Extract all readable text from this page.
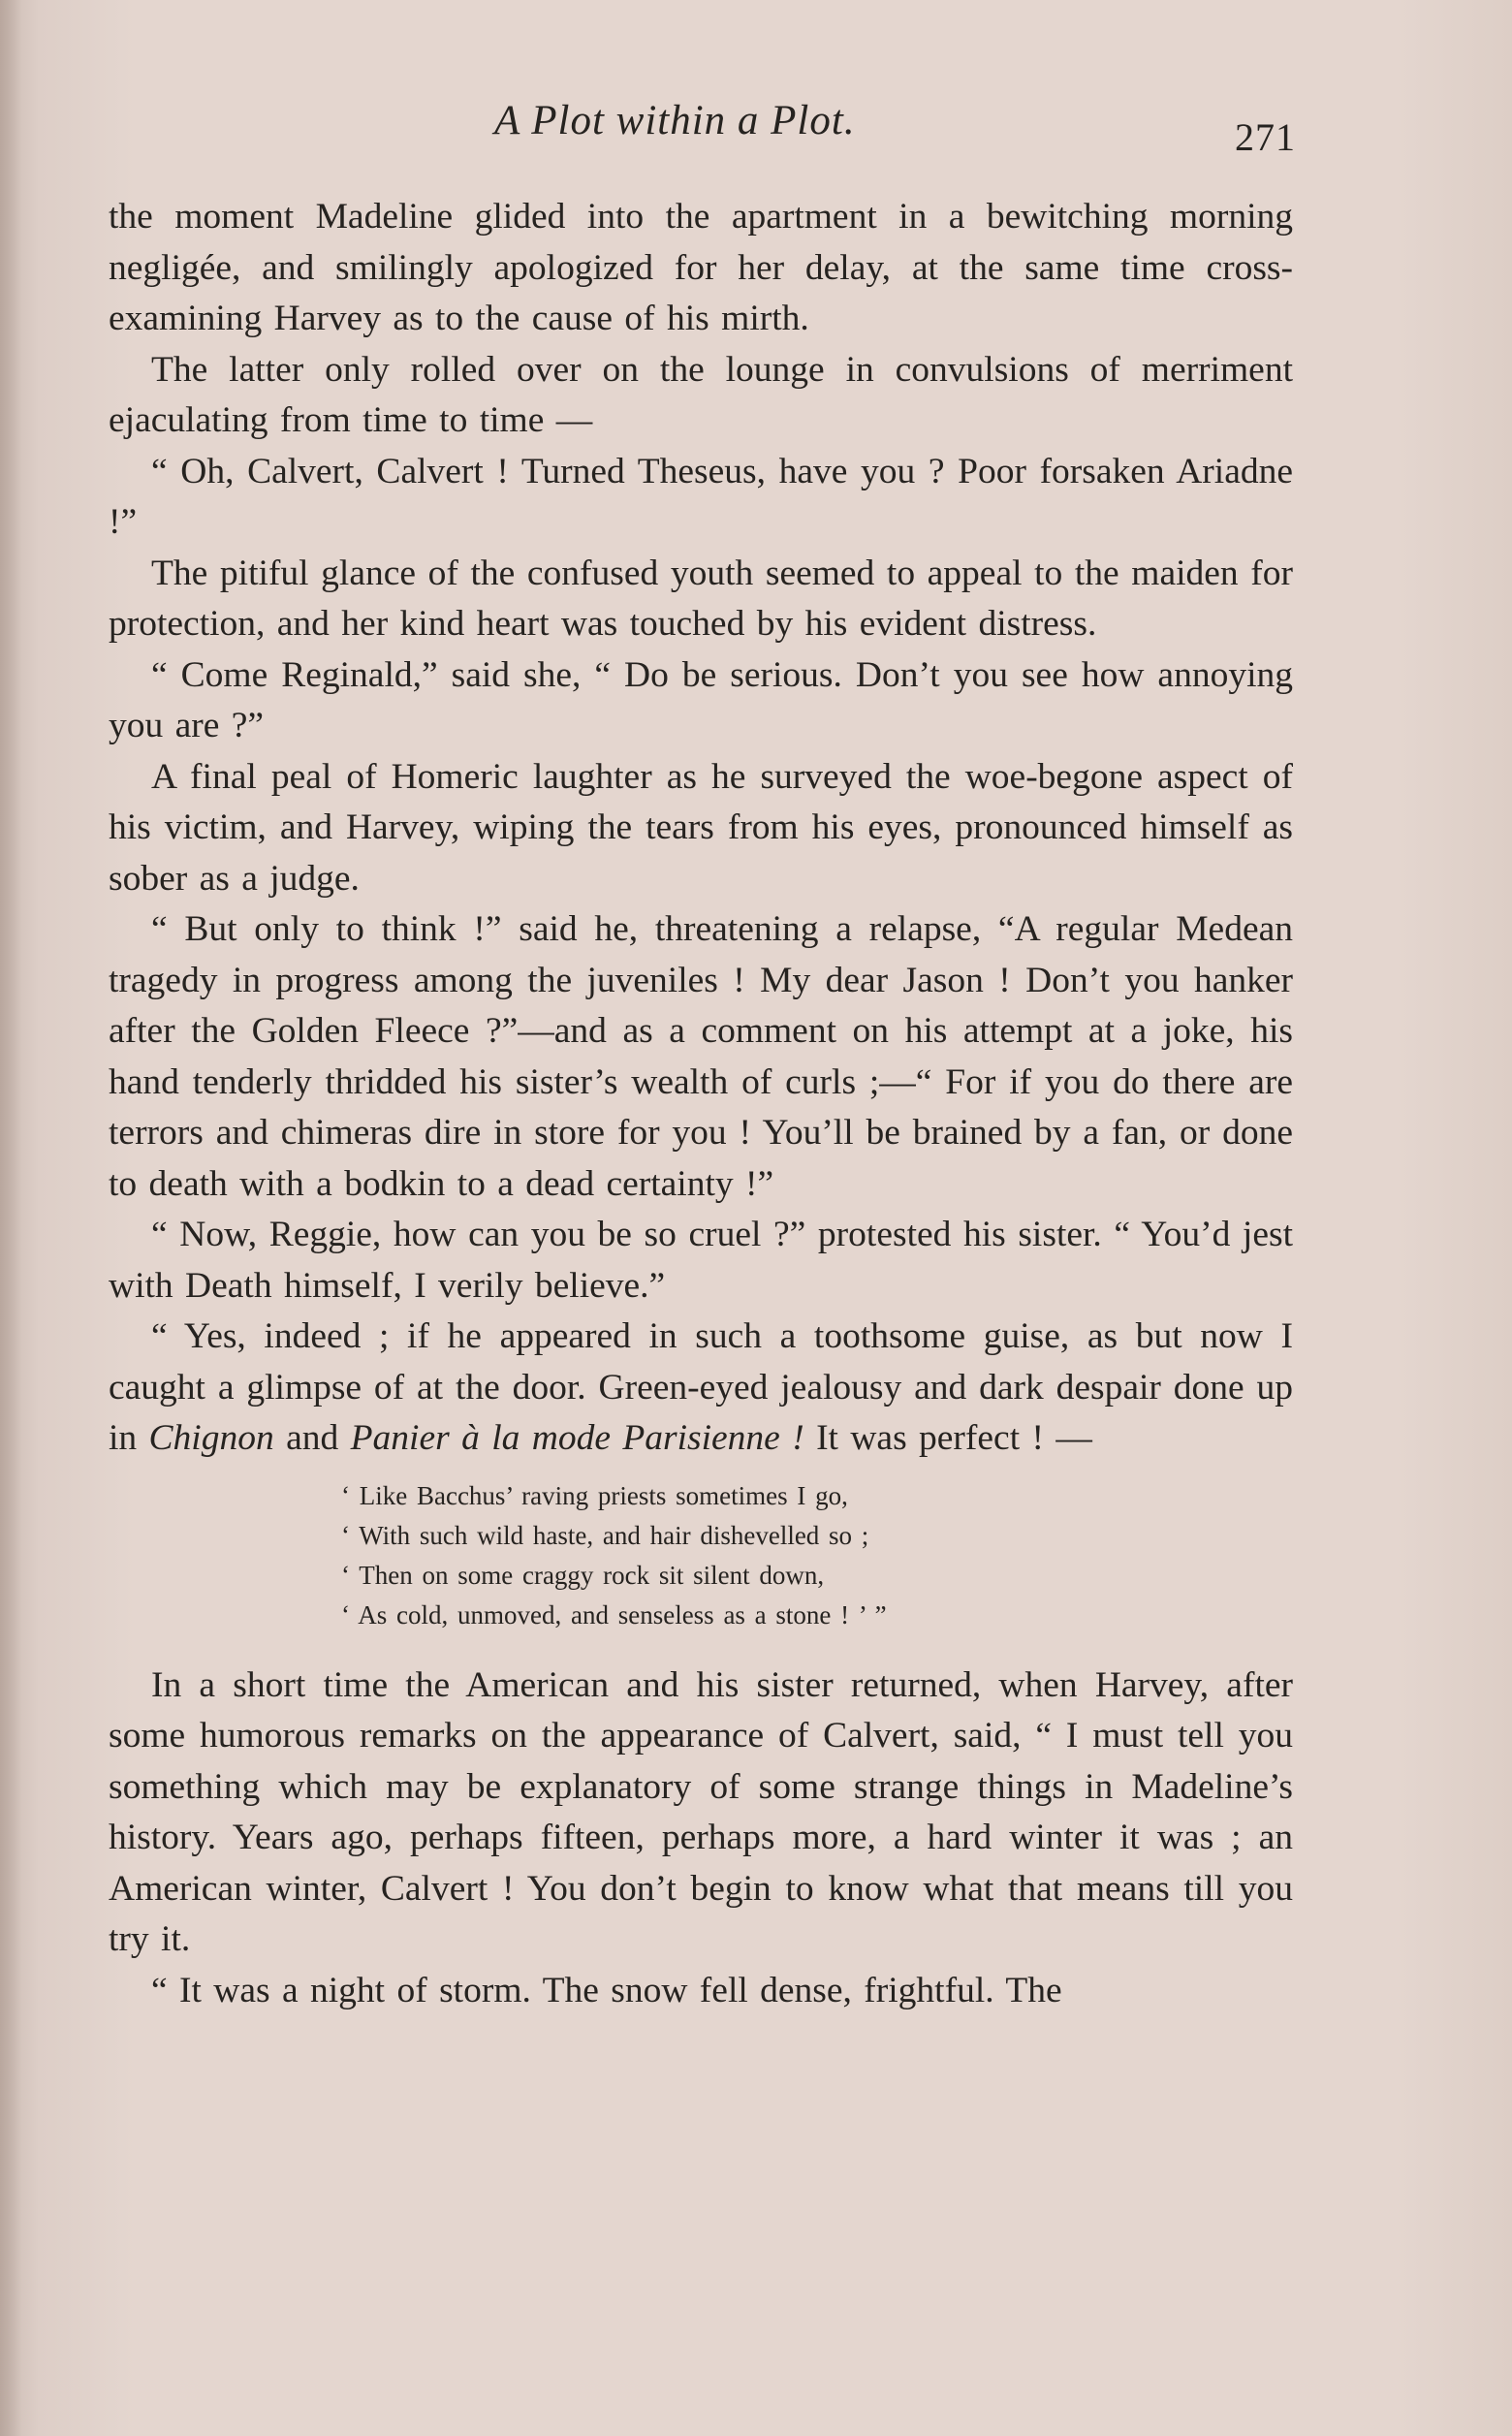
A Plot within a Plot.	271

the moment Madeline glided into the apartment in a bewitching morning negligée, and smilingly apologized for her delay, at the same time cross-examining Harvey as to the cause of his mirth.

The latter only rolled over on the lounge in convulsions of merriment ejaculating from time to time —

“ Oh, Calvert, Calvert ! Turned Theseus, have you ? Poor forsaken Ariadne !”

The pitiful glance of the confused youth seemed to appeal to the maiden for protection, and her kind heart was touched by his evident distress.

“ Come Reginald,” said she, “ Do be serious. Don’t you see how annoying you are ?”

A final peal of Homeric laughter as he surveyed the woe-begone aspect of his victim, and Harvey, wiping the tears from his eyes, pronounced himself as sober as a judge.

“ But only to think !” said he, threatening a relapse, “A regular Medean tragedy in progress among the juveniles ! My dear Jason ! Don’t you hanker after the Golden Fleece ?”—and as a comment on his attempt at a joke, his hand tenderly thridded his sister’s wealth of curls ;—“ For if you do there are terrors and chimeras dire in store for you ! You’ll be brained by a fan, or done to death with a bodkin to a dead certainty !”

“ Now, Reggie, how can you be so cruel ?” protested his sister. “ You’d jest with Death himself, I verily believe.”

“ Yes, indeed ; if he appeared in such a toothsome guise, as but now I caught a glimpse of at the door. Green-eyed jealousy and dark despair done up in Chignon and Panier à la mode Parisienne ! It was perfect ! —

‘ Like Bacchus’ raving priests sometimes I go,
‘ With such wild haste, and hair dishevelled so ;
‘ Then on some craggy rock sit silent down,
‘ As cold, unmoved, and senseless as a stone ! ’ ”

In a short time the American and his sister returned, when Harvey, after some humorous remarks on the appearance of Calvert, said, “ I must tell you something which may be explanatory of some strange things in Madeline’s history. Years ago, perhaps fifteen, perhaps more, a hard winter it was ; an American winter, Calvert ! You don’t begin to know what that means till you try it.

“ It was a night of storm. The snow fell dense, frightful. The
